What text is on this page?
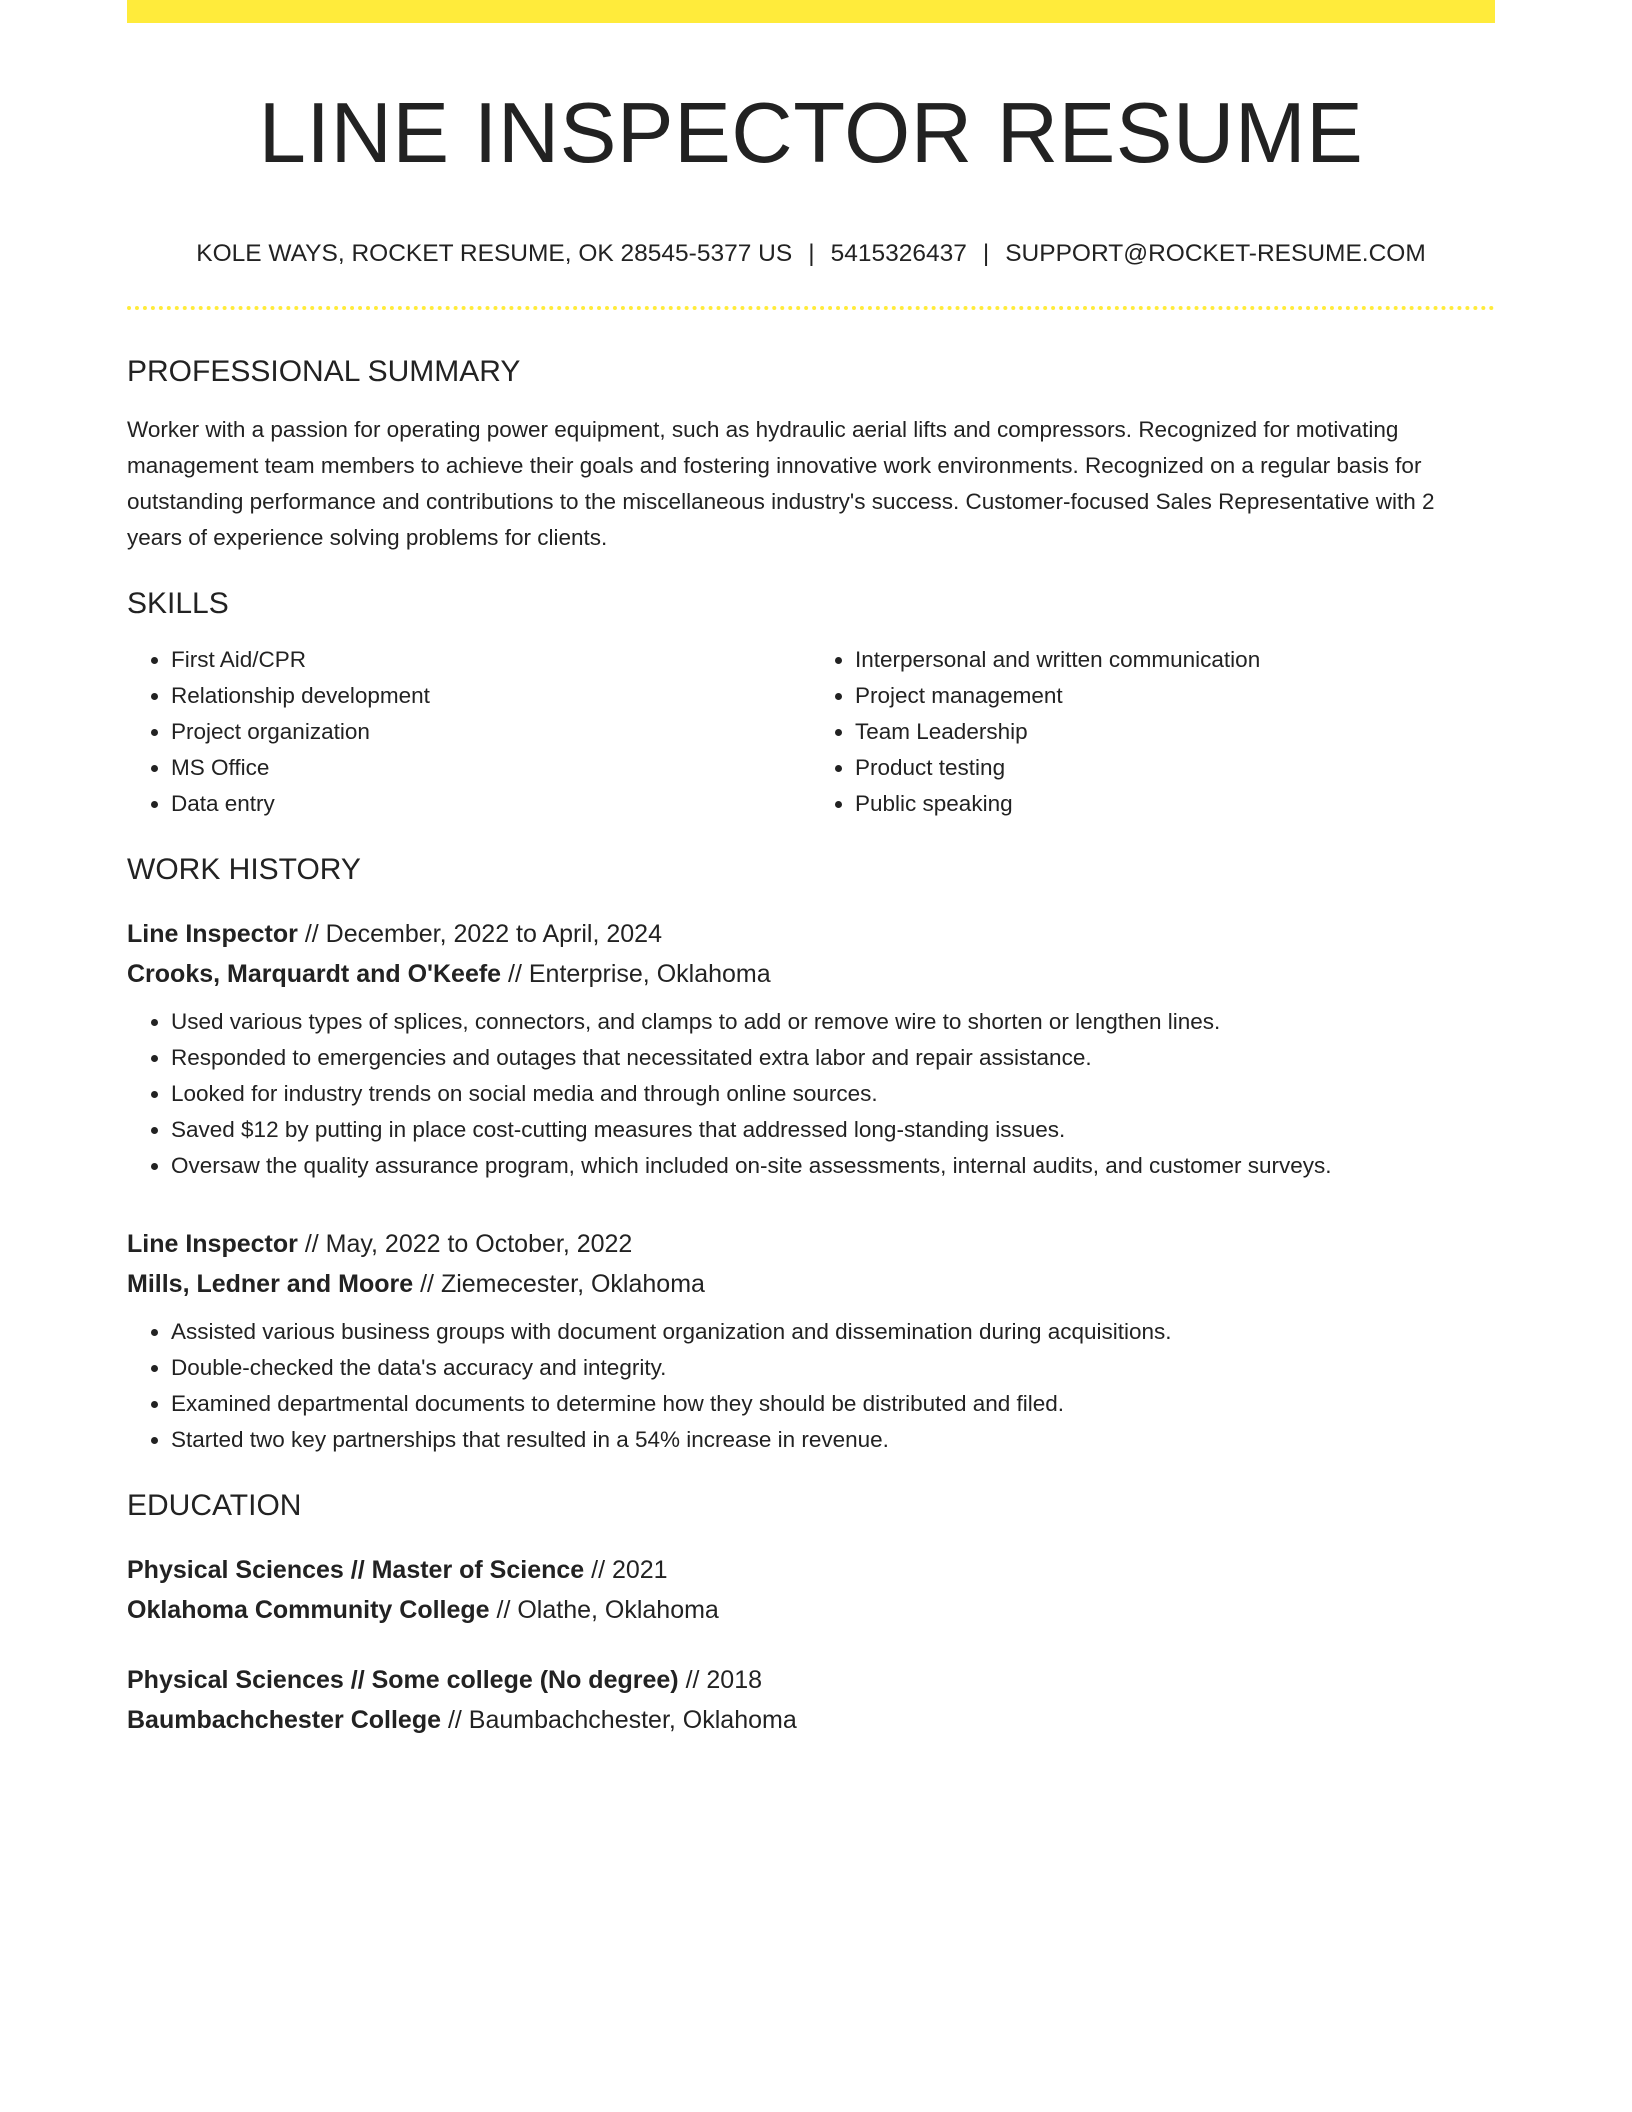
LINE INSPECTOR RESUME
KOLE WAYS, ROCKET RESUME, OK 28545-5377 US | 5415326437 | SUPPORT@ROCKET-RESUME.COM
PROFESSIONAL SUMMARY

Worker with a passion for operating power equipment, such as hydraulic aerial lifts and compressors. Recognized for motivating management team members to achieve their goals and fostering innovative work environments. Recognized on a regular basis for outstanding performance and contributions to the miscellaneous industry's success. Customer-focused Sales Representative with 2 years of experience solving problems for clients.

SKILLS
• First Aid/CPR
• Relationship development
• Project organization
• MS Office
• Data entry
• Interpersonal and written communication
• Project management
• Team Leadership
• Product testing
• Public speaking
WORK HISTORY
Line Inspector // December, 2022 to April, 2024
Crooks, Marquardt and O'Keefe // Enterprise, Oklahoma
• Used various types of splices, connectors, and clamps to add or remove wire to shorten or lengthen lines.
• Responded to emergencies and outages that necessitated extra labor and repair assistance.
• Looked for industry trends on social media and through online sources.
• Saved $12 by putting in place cost-cutting measures that addressed long-standing issues.
• Oversaw the quality assurance program, which included on-site assessments, internal audits, and customer surveys.
Line Inspector // May, 2022 to October, 2022
Mills, Ledner and Moore // Ziemecester, Oklahoma
• Assisted various business groups with document organization and dissemination during acquisitions.
• Double-checked the data's accuracy and integrity.
• Examined departmental documents to determine how they should be distributed and filed.
• Started two key partnerships that resulted in a 54% increase in revenue.
EDUCATION
Physical Sciences // Master of Science // 2021
Oklahoma Community College // Olathe, Oklahoma
Physical Sciences // Some college (No degree) // 2018
Baumbachchester College // Baumbachchester, Oklahoma
